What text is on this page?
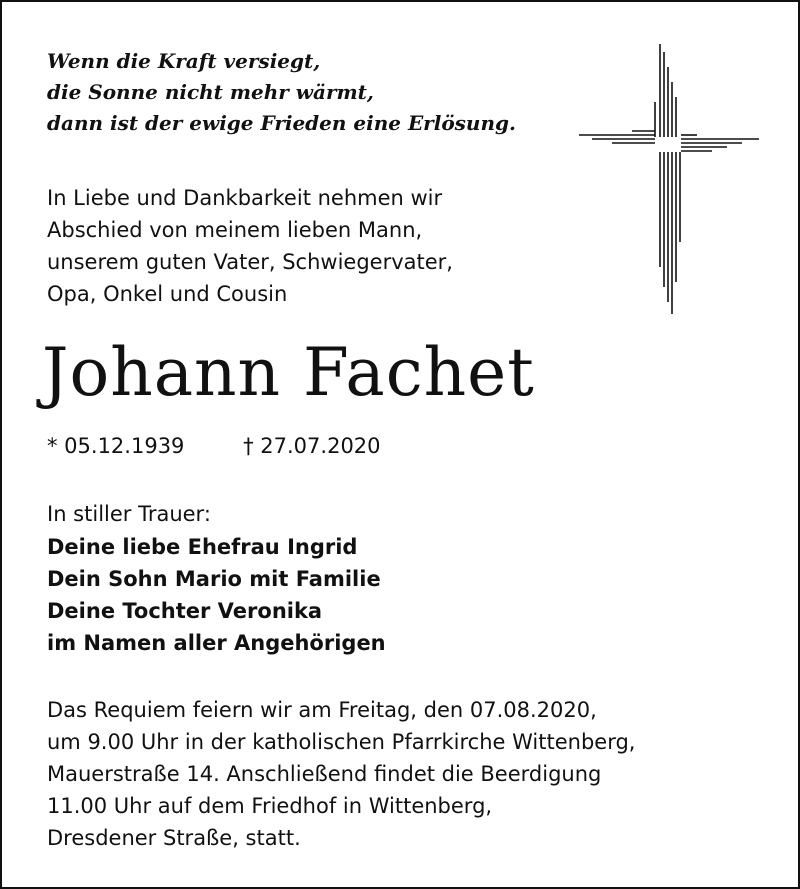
Wenn die Kraft versiegt,
die Sonne nicht mehr wärmt,
dann ist der ewige Frieden eine Erlösung.

In Liebe und Dankbarkeit nehmen wir
Abschied von meinem lieben Mann,
unserem guten Vater, Schwiegervater,
Opa, Onkel und Cousin

Johann Fachet
* 05.12.1939	† 27.07.2020

In stiller Trauer:

Deine liebe Ehefrau Ingrid
Dein Sohn Mario mit Familie
Deine Tochter Veronika
im Namen aller Angehörigen

Das Requiem feiern wir am Freitag, den 07.08.2020,
um 9.00 Uhr in der katholischen Pfarrkirche Wittenberg,
Mauerstraße 14. Anschließend findet die Beerdigung
11.00 Uhr auf dem Friedhof in Wittenberg,
Dresdener Straße, statt.
